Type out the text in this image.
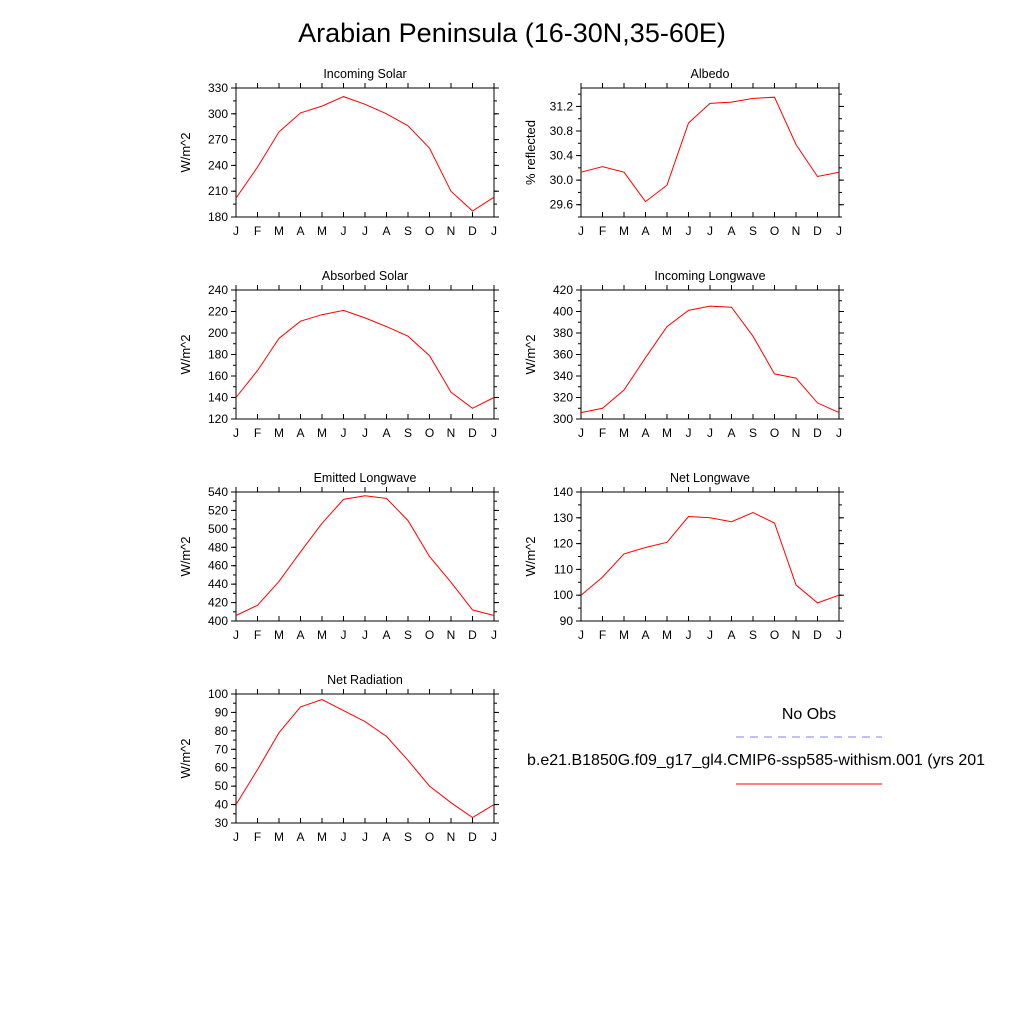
Arabian Peninsula (16-30N,35-60E)
Incoming Solar
W/m^2
J F M A M J J A S O N D J
180
210
240
270
300
330
Albedo
% reflected
J F M A M J J A S O N D J
29.6
30.0
30.4
30.8
31.2
Absorbed Solar
W/m^2
J F M A M J J A S O N D J
120
140
160
180
200
220
240
Incoming Longwave
W/m^2
J F M A M J J A S O N D J
300
320
340
360
380
400
420
Emitted Longwave
W/m^2
J F M A M J J A S O N D J
400
420
440
460
480
500
520
540
Net Longwave
W/m^2
J F M A M J J A S O N D J
90
100
110
120
130
140
Net Radiation
W/m^2
J F M A M J J A S O N D J
30
40
50
60
70
80
90
100
No Obs
b.e21.B1850G.f09_g17_gl4.CMIP6-ssp585-withism.001 (yrs 201
